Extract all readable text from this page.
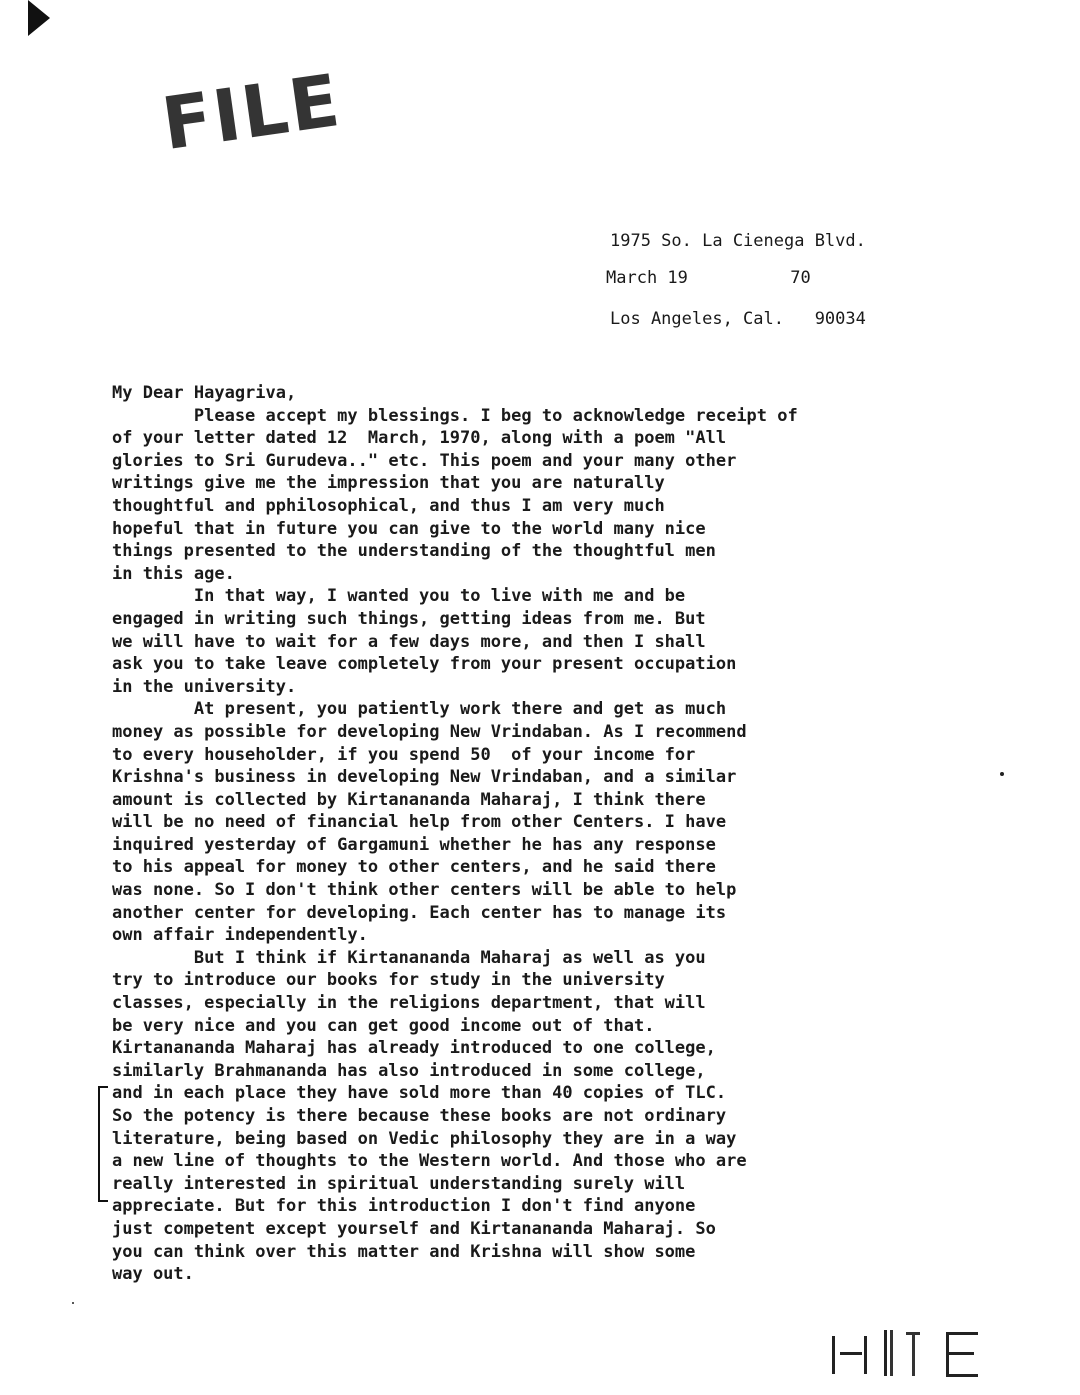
FILE

1975 So. La Cienega Blvd.

Los Angeles, Cal.   90034

March 19          70
My Dear Hayagriva,
Please accept my blessings. I beg to acknowledge receipt of
of your letter dated 12  March, 1970, along with a poem "All
glories to Sri Gurudeva.." etc. This poem and your many other
writings give me the impression that you are naturally
thoughtful and pphilosophical, and thus I am very much
hopeful that in future you can give to the world many nice
things presented to the understanding of the thoughtful men
in this age.
In that way, I wanted you to live with me and be
engaged in writing such things, getting ideas from me. But
we will have to wait for a few days more, and then I shall
ask you to take leave completely from your present occupation
in the university.
At present, you patiently work there and get as much
money as possible for developing New Vrindaban. As I recommend
to every householder, if you spend 50  of your income for
Krishna's business in developing New Vrindaban, and a similar
amount is collected by Kirtanananda Maharaj, I think there
will be no need of financial help from other Centers. I have
inquired yesterday of Gargamuni whether he has any response
to his appeal for money to other centers, and he said there
was none. So I don't think other centers will be able to help
another center for developing. Each center has to manage its
own affair independently.
But I think if Kirtanananda Maharaj as well as you
try to introduce our books for study in the university
classes, especially in the religions department, that will
be very nice and you can get good income out of that.
Kirtanananda Maharaj has already introduced to one college,
similarly Brahmananda has also introduced in some college,
and in each place they have sold more than 40 copies of TLC.
So the potency is there because these books are not ordinary
literature, being based on Vedic philosophy they are in a way
a new line of thoughts to the Western world. And those who are
really interested in spiritual understanding surely will
appreciate. But for this introduction I don't find anyone
just competent except yourself and Kirtanananda Maharaj. So
you can think over this matter and Krishna will show some
way out.
